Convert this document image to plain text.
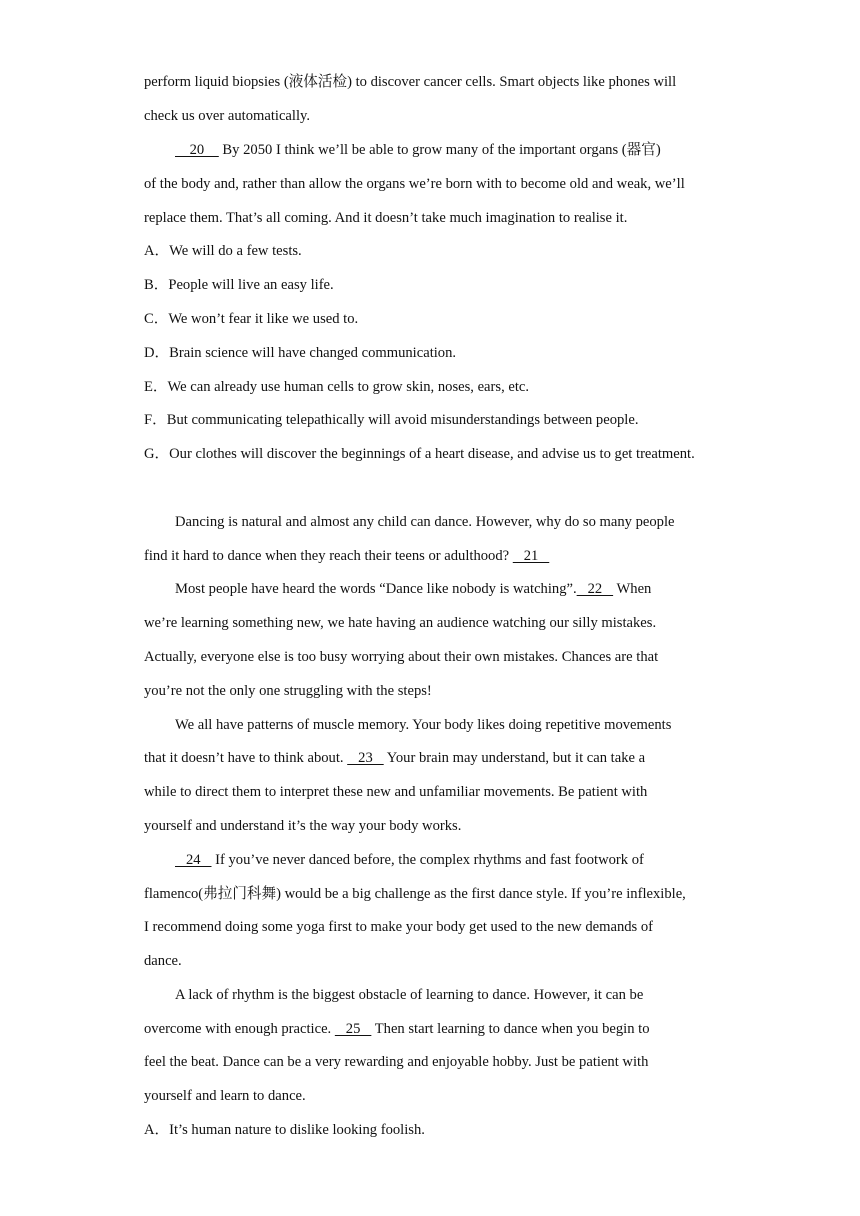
perform liquid biopsies (液体活检) to discover cancer cells. Smart objects like phones will
check us over automatically.
20     By 2050 I think we’ll be able to grow many of the important organs (器官)
of the body and, rather than allow the organs we’re born with to become old and weak, we’ll
replace them. That’s all coming. And it doesn’t take much imagination to realise it.
A．We will do a few tests.
B．People will live an easy life.
C．We won’t fear it like we used to.
D．Brain science will have changed communication.
E．We can already use human cells to grow skin, noses, ears, etc.
F．But communicating telepathically will avoid misunderstandings between people.
G．Our clothes will discover the beginnings of a heart disease, and advise us to get treatment.
Dancing is natural and almost any child can dance. However, why do so many people
find it hard to dance when they reach their teens or adulthood?    21
Most people have heard the words “Dance like nobody is watching”.   22    When
we’re learning something new, we hate having an audience watching our silly mistakes.
Actually, everyone else is too busy worrying about their own mistakes. Chances are that
you’re not the only one struggling with the steps!
We all have patterns of muscle memory. Your body likes doing repetitive movements
that it doesn’t have to think about.    23    Your brain may understand, but it can take a
while to direct them to interpret these new and unfamiliar movements. Be patient with
yourself and understand it’s the way your body works.
24    If you’ve never danced before, the complex rhythms and fast footwork of
flamenco(弗拉门科舞) would be a big challenge as the first dance style. If you’re inflexible,
I recommend doing some yoga first to make your body get used to the new demands of
dance.
A lack of rhythm is the biggest obstacle of learning to dance. However, it can be
overcome with enough practice.    25    Then start learning to dance when you begin to
feel the beat. Dance can be a very rewarding and enjoyable hobby. Just be patient with
yourself and learn to dance.
A．It’s human nature to dislike looking foolish.
